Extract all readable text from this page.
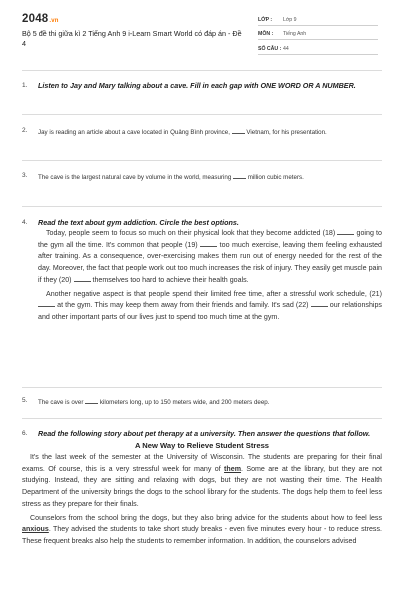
2048.vn
Bộ 5 đề thi giữa kì 2 Tiếng Anh 9 i-Learn Smart World có đáp án - Đề 4
LỚP : Lớp 9
MÔN : Tiếng Anh
SỐ CÂU : 44
1. Listen to Jay and Mary talking about a cave. Fill in each gap with ONE WORD OR A NUMBER.
2. Jay is reading an article about a cave located in Quảng Bình province,	Vietnam, for his presentation.
3. The cave is the largest natural cave by volume in the world, measuring	million cubic meters.
4. Read the text about gym addiction. Circle the best options.

Today, people seem to focus so much on their physical look that they become addicted (18)	going to the gym all the time. It's common that people (19)	too much exercise, leaving them feeling exhausted after training. As a consequence, over-exercising makes them run out of energy needed for the rest of the day. Moreover, the fact that people work out too much increases the risk of injury. They easily get muscle pain if they (20)	themselves too hard to achieve their health goals.

Another negative aspect is that people spend their limited free time, after a stressful work schedule, (21)  at the gym. This may keep them away from their friends and family. It's sad (22)	our relationships and other important parts of our lives just to spend too much time at the gym.

5. The cave is over	kilometers long, up to 150 meters wide, and 200 meters deep.
6. Read the following story about pet therapy at a university. Then answer the questions that follow.
A New Way to Relieve Student Stress

It's the last week of the semester at the University of Wisconsin. The students are preparing for their final exams. Of course, this is a very stressful week for many of them. Some are at the library, but they are not studying. Instead, they are sitting and relaxing with dogs, but they are not wasting their time. The Health Department of the university brings the dogs to the school library for the students. The dogs help them to feel less stress as they prepare for their finals.

Counselors from the school bring the dogs, but they also bring advice for the students about how to feel less anxious. They advised the students to take short study breaks - even five minutes every hour - to reduce stress. These frequent breaks also help the students to remember information. In addition, the counselors advised
